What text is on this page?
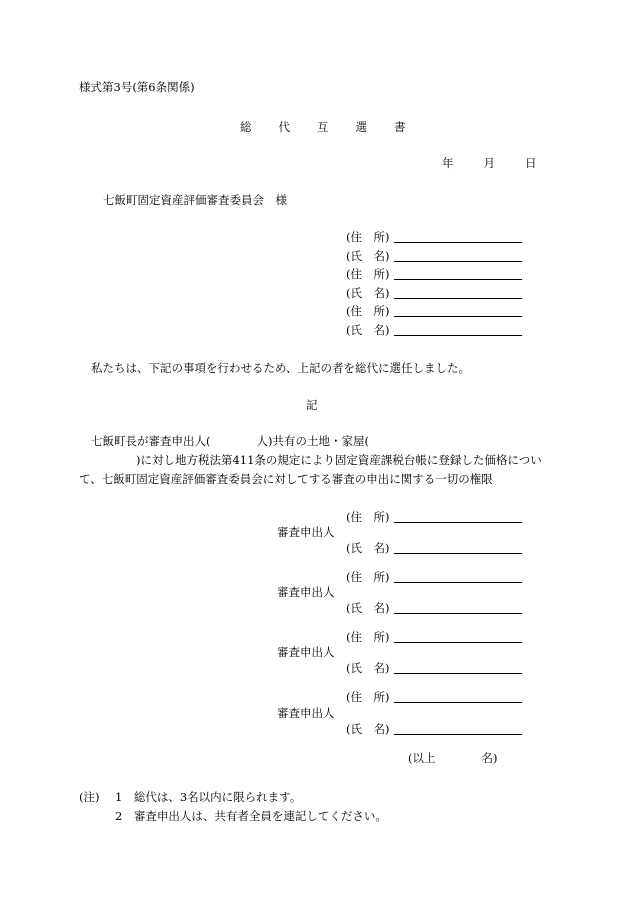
様式第3号(第6条関係)
総 代 互 選 書
年	月	日
七飯町固定資産評価審査委員会　様
(住　所)
(氏　名)
(住　所)
(氏　名)
(住　所)
(氏　名)
私たちは、下記の事項を行わせるため、上記の者を総代に選任しました。
記
七飯町長が審査申出人(	人)共有の土地・家屋(
)に対し地方税法第411条の規定により固定資産課税台帳に登録した価格につい
て、七飯町固定資産評価審査委員会に対してする審査の申出に関する一切の権限
(住　所)
審査申出人
(氏　名)
(住　所)
審査申出人
(氏　名)
(住　所)
審査申出人
(氏　名)
(住　所)
審査申出人
(氏　名)
(以上	名)
(注) 1　総代は、3名以内に限られます。
2　審査申出人は、共有者全員を連記してください。
